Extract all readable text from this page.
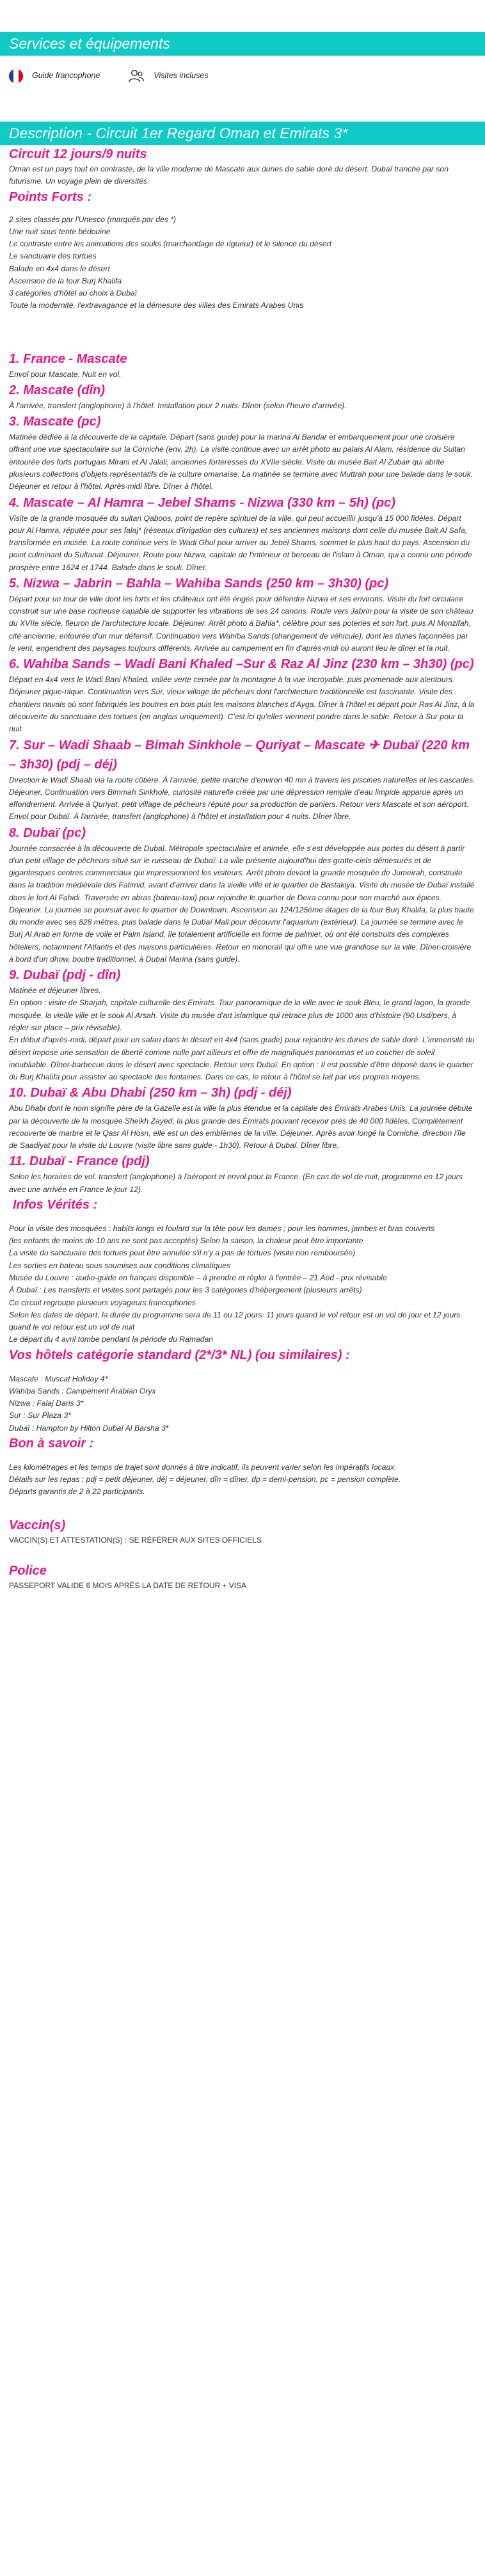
Services et équipements
Guide francophone	Visites incluses
Description - Circuit 1er Regard Oman et Emirats 3*

Circuit 12 jours/9 nuits

Oman est un pays tout en contraste, de la ville moderne de Mascate aux dunes de sable doré du désert. Dubaï tranche par son futurisme. Un voyage plein de diversités.

Points Forts :

2 sites classés par l'Unesco (marqués par des *)
Une nuit sous tente bédouine
Le contraste entre les animations des souks (marchandage de rigueur) et le silence du désert
Le sanctuaire des tortues
Balade en 4x4 dans le désert
Ascension de la tour Burj Khalifa
3 catégories d'hôtel au choix à Dubaï
Toute la modernité, l'extravagance et la démesure des villes des Emirats Arabes Unis

1. France - Mascate

Envol pour Mascate. Nuit en vol.

2. Mascate (dîn)

À l'arrivée, transfert (anglophone) à l'hôtel. Installation pour 2 nuits. Dîner (selon l'heure d'arrivée).

3. Mascate (pc)

Matinée dédiée à la découverte de la capitale. Départ (sans guide) pour la marina Al Bandar et embarquement pour une croisière offrant une vue spectaculaire sur la Corniche (env. 2h). La visite continue avec un arrêt photo au palais Al Alam, résidence du Sultan entourée des forts portugais Mirani et Al Jalali, anciennes forteresses du XVIIe siècle. Visite du musée Bait Al Zubair qui abrite plusieurs collections d'objets représentatifs de la culture omanaise. La matinée se termine avec Muttrah pour une balade dans le souk. Déjeuner et retour à l'hôtel. Après-midi libre. Dîner à l'hôtel.

4. Mascate – Al Hamra – Jebel Shams - Nizwa (330 km – 5h) (pc)

Visite de la grande mosquée du sultan Qaboos, point de repère spirituel de la ville, qui peut accueillir jusqu'à 15 000 fidèles. Départ pour Al Hamra, réputée pour ses falaj* (réseaux d'irrigation des cultures) et ses anciennes maisons dont celle du musée Bait Al Safa, transformée en musée. La route continue vers le Wadi Ghul pour arriver au Jebel Shams, sommet le plus haut du pays. Ascension du point culminant du Sultanat. Déjeuner. Route pour Nizwa, capitale de l'intérieur et berceau de l'islam à Oman, qui a connu une période prospère entre 1624 et 1744. Balade dans le souk. Dîner.

5. Nizwa – Jabrin – Bahla – Wahiba Sands (250 km – 3h30) (pc)

Départ pour un tour de ville dont les forts et les châteaux ont été érigés pour défendre Nizwa et ses environs. Visite du fort circulaire construit sur une base rocheuse capable de supporter les vibrations de ses 24 canons. Route vers Jabrin pour la visite de son château du XVIIe siècle, fleuron de l'architecture locale. Déjeuner. Arrêt photo à Bahla*, célèbre pour ses poteries et son fort, puis Al Monzifah, cité ancienne, entourée d'un mur défensif. Continuation vers Wahiba Sands (changement de véhicule), dont les dunes façonnées par le vent, engendrent des paysages toujours différents. Arrivée au campement en fin d'après-midi où auront lieu le dîner et la nuit.

6. Wahiba Sands – Wadi Bani Khaled –Sur & Raz Al Jinz (230 km – 3h30) (pc)

Départ en 4x4 vers le Wadi Bani Khaled, vallée verte cernée par la montagne à la vue incroyable, puis promenade aux alentours. Déjeuner pique-nique. Continuation vers Sur, vieux village de pêcheurs dont l'architecture traditionnelle est fascinante. Visite des chantiers navals où sont fabriqués les boutres en bois puis les maisons blanches d'Ayga. Dîner à l'hôtel et départ pour Ras Al Jinz, à la découverte du sanctuaire des tortues (en anglais uniquement). C'est ici qu'elles viennent pondre dans le sable. Retour à Sur pour la nuit.

7. Sur – Wadi Shaab – Bimah Sinkhole – Quriyat – Mascate ✈ Dubaï (220 km – 3h30) (pdj – déj)

Direction le Wadi Shaab via la route côtière. À l'arrivée, petite marche d'environ 40 mn à travers les piscines naturelles et les cascades. Déjeuner. Continuation vers Bimmah Sinkhole, curiosité naturelle créée par une dépression remplie d'eau limpide apparue après un effondrement. Arrivée à Quriyat, petit village de pêcheurs réputé pour sa production de paniers. Retour vers Mascate et son aéroport. Envol pour Dubaï. À l'arrivée, transfert (anglophone) à l'hôtel et installation pour 4 nuits. Dîner libre.

8. Dubaï (pc)

Journée consacrée à la découverte de Dubaï. Métropole spectaculaire et animée, elle s'est développée aux portes du désert à partir d'un petit village de pêcheurs situé sur le ruisseau de Dubaï. La ville présente aujourd'hui des gratte-ciels démesurés et de gigantesques centres commerciaux qui impressionnent les visiteurs. Arrêt photo devant la grande mosquée de Jumeirah, construite dans la tradition médiévale des Fatimid, avant d'arriver dans la vieille ville et le quartier de Bastakiya. Visite du musée de Dubaï installé dans le fort Al Fahidi. Traversée en abras (bateau-taxi) pour rejoindre le quartier de Deira connu pour son marché aux épices. Déjeuner. La journée se poursuit avec le quartier de Downtown. Ascension au 124/125ème étages de la tour Burj Khalifa, la plus haute du monde avec ses 828 mètres, puis balade dans le Dubaï Mall pour découvrir l'aquarium (extérieur). La journée se termine avec le Burj Al Arab en forme de voile et Palm Island, île totalement artificielle en forme de palmier, où ont été construits des complexes hôteliers, notamment l'Atlantis et des maisons particulières. Retour en monorail qui offre une vue grandiose sur la ville. Dîner-croisière à bord d'un dhow, boutre traditionnel, à Dubaï Marina (sans guide).

9. Dubaï (pdj - dîn)

Matinée et déjeuner libres.
En option : visite de Sharjah, capitale culturelle des Emirats. Tour panoramique de la ville avec le souk Bleu, le grand lagon, la grande mosquée, la vieille ville et le souk Al Arsah. Visite du musée d'art islamique qui retrace plus de 1000 ans d'histoire (90 Usd/pers, à régler sur place – prix révisable).
En début d'après-midi, départ pour un safari dans le désert en 4x4 (sans guide) pour rejoindre les dunes de sable doré. L'immensité du désert impose une sensation de liberté comme nulle part ailleurs et offre de magnifiques panoramas et un coucher de soleil inoubliable. Dîner-barbecue dans le désert avec spectacle. Retour vers Dubaï. En option : Il est possible d'être déposé dans le quartier du Burj Khalifa pour assister au spectacle des fontaines. Dans ce cas, le retour à l'hôtel se fait par vos propres moyens.

10. Dubaï & Abu Dhabi (250 km – 3h) (pdj - déj)

Abu Dhabi dont le nom signifie père de la Gazelle est la ville la plus étendue et la capitale des Émirats Arabes Unis. La journée débute par la découverte de la mosquée Sheikh Zayed, la plus grande des Émirats pouvant recevoir près de 40 000 fidèles. Complètement recouverte de marbre et le Qasr Al Hosn, elle est un des emblèmes de la ville. Déjeuner. Après avoir longé la Corniche, direction l'île de Saadiyat pour la visite du Louvre (visite libre sans guide - 1h30). Retour à Dubaï. Dîner libre.

11. Dubaï - France (pdj)

Selon les horaires de vol, transfert (anglophone) à l'aéroport et envol pour la France. (En cas de vol de nuit, programme en 12 jours avec une arrivée en France le jour 12).

Infos Vérités :

Pour la visite des mosquées : habits longs et foulard sur la tête pour les dames ; pour les hommes, jambes et bras couverts
(les enfants de moins de 10 ans ne sont pas acceptés) Selon la saison, la chaleur peut être importante
La visite du sanctuaire des tortues peut être annulée s'il n'y a pas de tortues (visite non remboursée)
Les sorties en bateau sous soumises aux conditions climatiques
Musée du Louvre : audio-guide en français disponible – à prendre et régler à l'entrée – 21 Aed - prix révisable
À Dubaï : Les transferts et visites sont partagés pour les 3 catégories d'hébergement (plusieurs arrêts)
Ce circuit regroupe plusieurs voyageurs francophones
Selon les dates de départ, la durée du programme sera de 11 ou 12 jours. 11 jours quand le vol retour est un vol de jour et 12 jours quand le vol retour est un vol de nuit
Le départ du 4 avril tombe pendant la période du Ramadan

Vos hôtels catégorie standard (2*/3* NL) (ou similaires) :

Mascate : Muscat Holiday 4*
Wahiba Sands : Campement Arabian Oryx
Nizwa : Falaj Daris 3*
Sur : Sur Plaza 3*
Dubaï : Hampton by Hilton Dubaï Al Barsha 3*

Bon à savoir :

Les kilométrages et les temps de trajet sont donnés à titre indicatif, ils peuvent varier selon les impératifs locaux.
Détails sur les repas : pdj = petit déjeuner, déj = déjeuner, dîn = dîner, dp = demi-pension, pc = pension complète.
Départs garantis de 2 à 22 participants.

Vaccin(s)

VACCIN(S) ET ATTESTATION(S) : SE RÉFÉRER AUX SITES OFFICIELS

Police

PASSEPORT VALIDE 6 MOIS APRÈS LA DATE DE RETOUR + VISA
